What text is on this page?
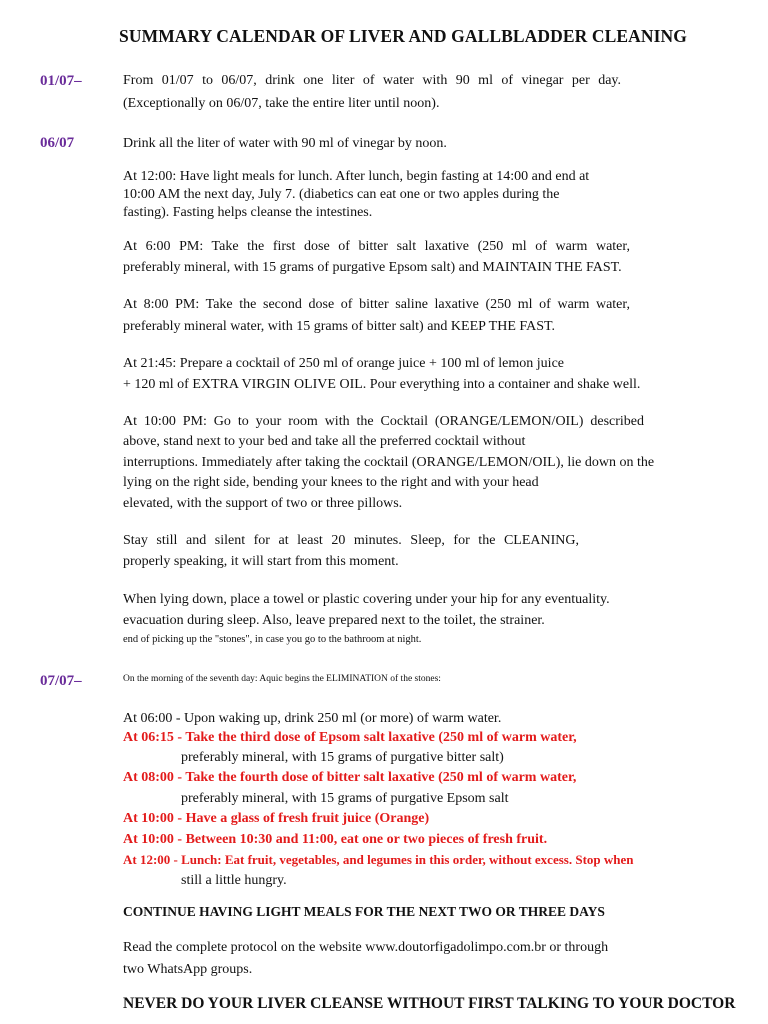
SUMMARY CALENDAR OF LIVER AND GALLBLADDER CLEANING
01/07–	From 01/07 to 06/07, drink one liter of water with 90 ml of vinegar per day.
(Exceptionally on 06/07, take the entire liter until noon).
06/07	Drink all the liter of water with 90 ml of vinegar by noon.
At 12:00: Have light meals for lunch. After lunch, begin fasting at 14:00 and end at
10:00 AM the next day, July 7. (diabetics can eat one or two apples during the
fasting). Fasting helps cleanse the intestines.
At 6:00 PM: Take the first dose of bitter salt laxative (250 ml of warm water,
preferably mineral, with 15 grams of purgative Epsom salt) and MAINTAIN THE FAST.
At 8:00 PM: Take the second dose of bitter saline laxative (250 ml of warm water,
preferably mineral water, with 15 grams of bitter salt) and KEEP THE FAST.
At 21:45: Prepare a cocktail of 250 ml of orange juice + 100 ml of lemon juice
+ 120 ml of EXTRA VIRGIN OLIVE OIL. Pour everything into a container and shake well.
At 10:00 PM: Go to your room with the Cocktail (ORANGE/LEMON/OIL) described
above, stand next to your bed and take all the preferred cocktail without
interruptions. Immediately after taking the cocktail (ORANGE/LEMON/OIL), lie down on the
lying on the right side, bending your knees to the right and with your head
elevated, with the support of two or three pillows.
Stay still and silent for at least 20 minutes. Sleep, for the CLEANING,
properly speaking, it will start from this moment.
When lying down, place a towel or plastic covering under your hip for any eventuality.
evacuation during sleep. Also, leave prepared next to the toilet, the strainer.
end of picking up the "stones", in case you go to the bathroom at night.
07/07–	On the morning of the seventh day: Aquic begins the ELIMINATION of the stones:
At 06:00 - Upon waking up, drink 250 ml (or more) of warm water.
At 06:15 - Take the third dose of Epsom salt laxative (250 ml of warm water,
preferably mineral, with 15 grams of purgative bitter salt)
At 08:00 - Take the fourth dose of bitter salt laxative (250 ml of warm water,
preferably mineral, with 15 grams of purgative Epsom salt
At 10:00 - Have a glass of fresh fruit juice (Orange)
At 10:00 - Between 10:30 and 11:00, eat one or two pieces of fresh fruit.
At 12:00 - Lunch: Eat fruit, vegetables, and legumes in this order, without excess. Stop when
still a little hungry.
CONTINUE HAVING LIGHT MEALS FOR THE NEXT TWO OR THREE DAYS
Read the complete protocol on the website www.doutorfigadolimpo.com.br or through
two WhatsApp groups.
NEVER DO YOUR LIVER CLEANSE WITHOUT FIRST TALKING TO YOUR DOCTOR
